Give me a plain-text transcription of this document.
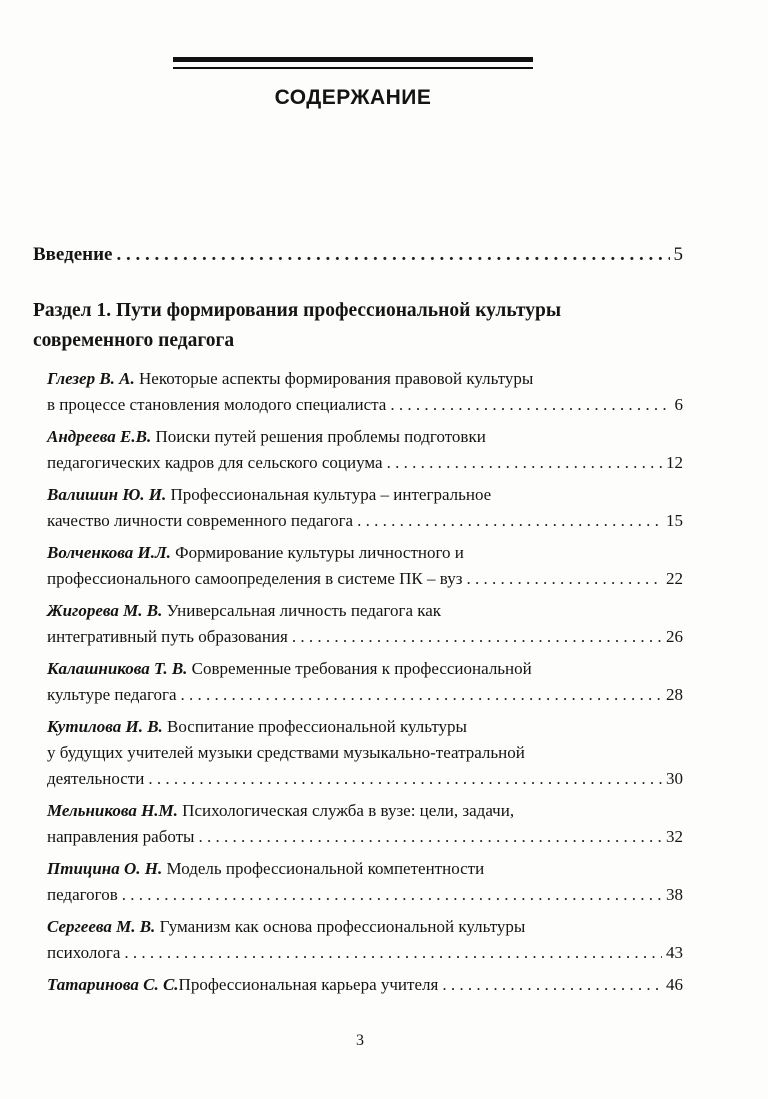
СОДЕРЖАНИЕ
Введение . . .	5
Раздел 1. Пути формирования профессиональной культуры
современного педагога
Глезер В. А. Некоторые аспекты формирования правовой культуры
в процессе становления молодого специалиста . . .	6
Андреева Е.В. Поиски путей решения проблемы подготовки
педагогических кадров для сельского социума . . .	12
Валишин Ю. И. Профессиональная культура – интегральное
качество личности современного педагога . . .	15
Волченкова И.Л. Формирование культуры личностного и
профессионального самоопределения в системе ПК – вуз . . .	22
Жигорева М. В. Универсальная личность педагога как
интегративный путь образования . . .	26
Калашникова Т. В. Современные требования к профессиональной
культуре педагога . . .	28
Кутилова И. В. Воспитание профессиональной культуры
у будущих учителей музыки средствами музыкально-театральной
деятельности . . .	30
Мельникова Н.М. Психологическая служба в вузе: цели, задачи,
направления работы . . .	32
Птицина О. Н. Модель профессиональной компетентности
педагогов . . .	38
Сергеева М. В. Гуманизм как основа профессиональной культуры
психолога . . .	43
Татаринова С. С. Профессиональная карьера учителя . . .	46
3
